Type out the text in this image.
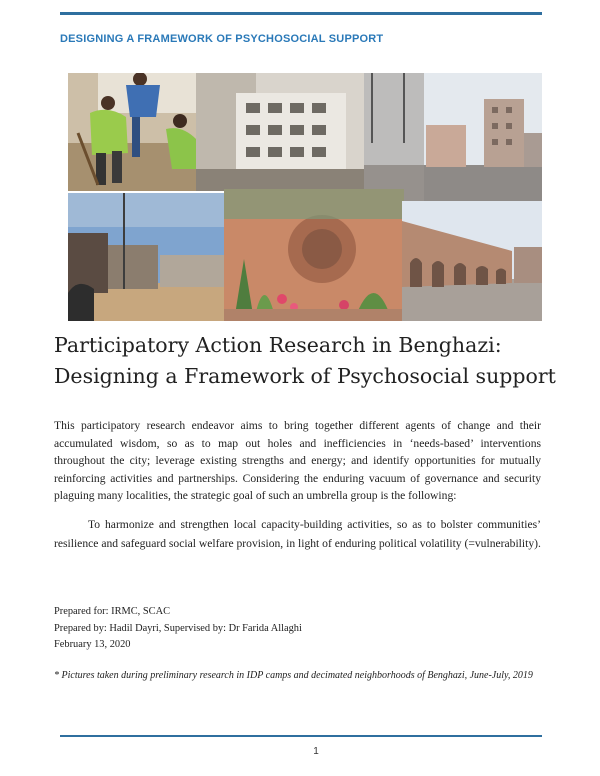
DESIGNING A FRAMEWORK OF PSYCHOSOCIAL SUPPORT
Participatory Action Research in Benghazi:
Designing a Framework of Psychosocial support
This participatory research endeavor aims to bring together different agents of change and their accumulated wisdom, so as to map out holes and inefficiencies in ‘needs-based’ interventions throughout the city; leverage existing strengths and energy; and identify opportunities for mutually reinforcing activities and partnerships. Considering the enduring vacuum of governance and security plaguing many localities, the strategic goal of such an umbrella group is the following:
To harmonize and strengthen local capacity-building activities, so as to bolster communities’ resilience and safeguard social welfare provision, in light of enduring political volatility (=vulnerability).
Prepared for: IRMC, SCAC
Prepared by: Hadil Dayri, Supervised by: Dr Farida Allaghi
February 13, 2020
* Pictures taken during preliminary research in IDP camps and decimated neighborhoods of Benghazi, June-July, 2019
1
